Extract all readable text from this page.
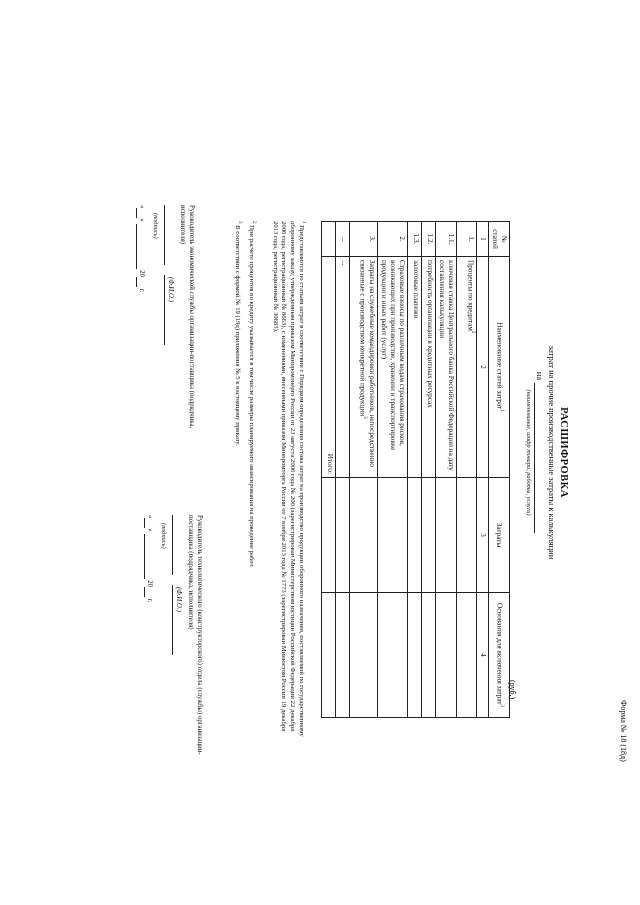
Форма № 18 (18д)
РАСШИФРОВКА
затрат на прочие производственные затраты к калькуляции
на
(наименование, шифр товара, работы, услуги)
(руб.)
№ статей	Наименование статей затрат$^1$	Затраты	Основания для включения затрат$^3$
1	2	3	4
1.	Проценты по кредитам$^2$		
1.1.	ключевая ставка Центрального банка Российской Федерации на дату составления калькуляции		
1.2.	потребность организации в кредитных ресурсах		
1.3.	залоговые платежи		
2.	Страховые взносы по различным видам страхования рисков, возникающих при производстве, хранении и транспортировке продукции и иных работ (услуг)		
3.	Затраты на служебные командировки работников, непосредственно связанные с производством конкретной продукции$^3$		
...	...		
	Итого:		
$^1$ Представляются по статьям затрат в соответствии с Порядком определения состава затрат на производство продукции оборонного назначения, поставляемой по государственному оборонному заказу, утвержденным приказом Минпромэнерго России от 23 августа 2006 года № 200 (зарегистрирован Министерством юстиции Российской Федерации 22 декабря 2006 года, регистрационный № 8663), с изменениями, внесенными приказом Минпромторга России от 7 ноября 2013 года № 1773 (зарегистрирован Минюстом России 19 декабря 2013 года, регистрационный № 30683).
$^2$ При расчете процентов по кредиту указывается в том числе размеры планируемого авансирования на проведение работ.
$^3$ В соответствии с формой № 19 (19д) приложения № 5 к настоящему приказу.
Руководитель экономической службы организации-поставщика (подрядчика, исполнителя)
(Ф.И.О.)
(подпись)
«»  20 г.
Руководитель технологического (конструкторского) отдела (службы) организации-поставщика (подрядчика, исполнителя)
(Ф.И.О.)
(подпись)
«»  20 г.
